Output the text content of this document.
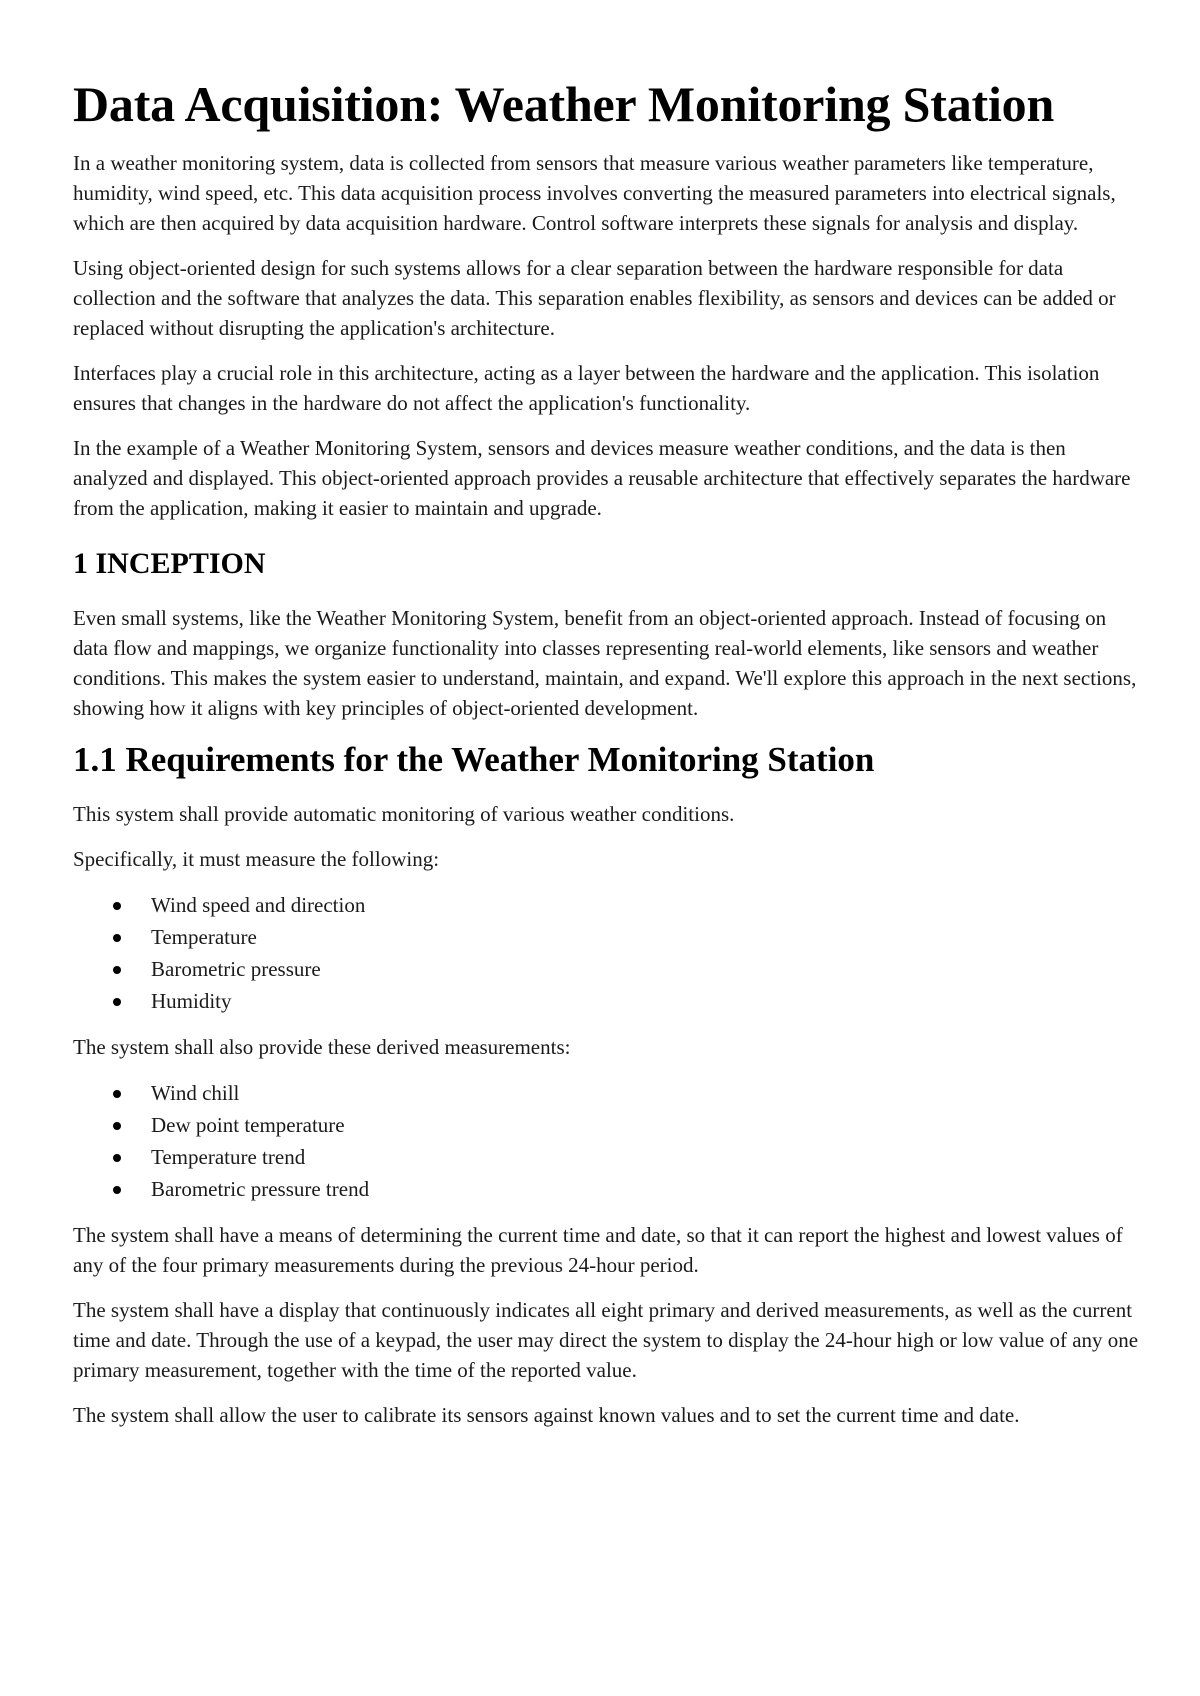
Data Acquisition: Weather Monitoring Station

In a weather monitoring system, data is collected from sensors that measure various weather parameters like temperature, humidity, wind speed, etc. This data acquisition process involves converting the measured parameters into electrical signals, which are then acquired by data acquisition hardware. Control software interprets these signals for analysis and display.

Using object-oriented design for such systems allows for a clear separation between the hardware responsible for data collection and the software that analyzes the data. This separation enables flexibility, as sensors and devices can be added or replaced without disrupting the application's architecture.

Interfaces play a crucial role in this architecture, acting as a layer between the hardware and the application. This isolation ensures that changes in the hardware do not affect the application's functionality.

In the example of a Weather Monitoring System, sensors and devices measure weather conditions, and the data is then analyzed and displayed. This object-oriented approach provides a reusable architecture that effectively separates the hardware from the application, making it easier to maintain and upgrade.

1 INCEPTION

Even small systems, like the Weather Monitoring System, benefit from an object-oriented approach. Instead of focusing on data flow and mappings, we organize functionality into classes representing real-world elements, like sensors and weather conditions. This makes the system easier to understand, maintain, and expand. We'll explore this approach in the next sections, showing how it aligns with key principles of object-oriented development.

1.1 Requirements for the Weather Monitoring Station

This system shall provide automatic monitoring of various weather conditions.

Specifically, it must measure the following:

Wind speed and direction
Temperature
Barometric pressure
Humidity

The system shall also provide these derived measurements:

Wind chill
Dew point temperature
Temperature trend
Barometric pressure trend

The system shall have a means of determining the current time and date, so that it can report the highest and lowest values of any of the four primary measurements during the previous 24-hour period.

The system shall have a display that continuously indicates all eight primary and derived measurements, as well as the current time and date. Through the use of a keypad, the user may direct the system to display the 24-hour high or low value of any one primary measurement, together with the time of the reported value.

The system shall allow the user to calibrate its sensors against known values and to set the current time and date.
